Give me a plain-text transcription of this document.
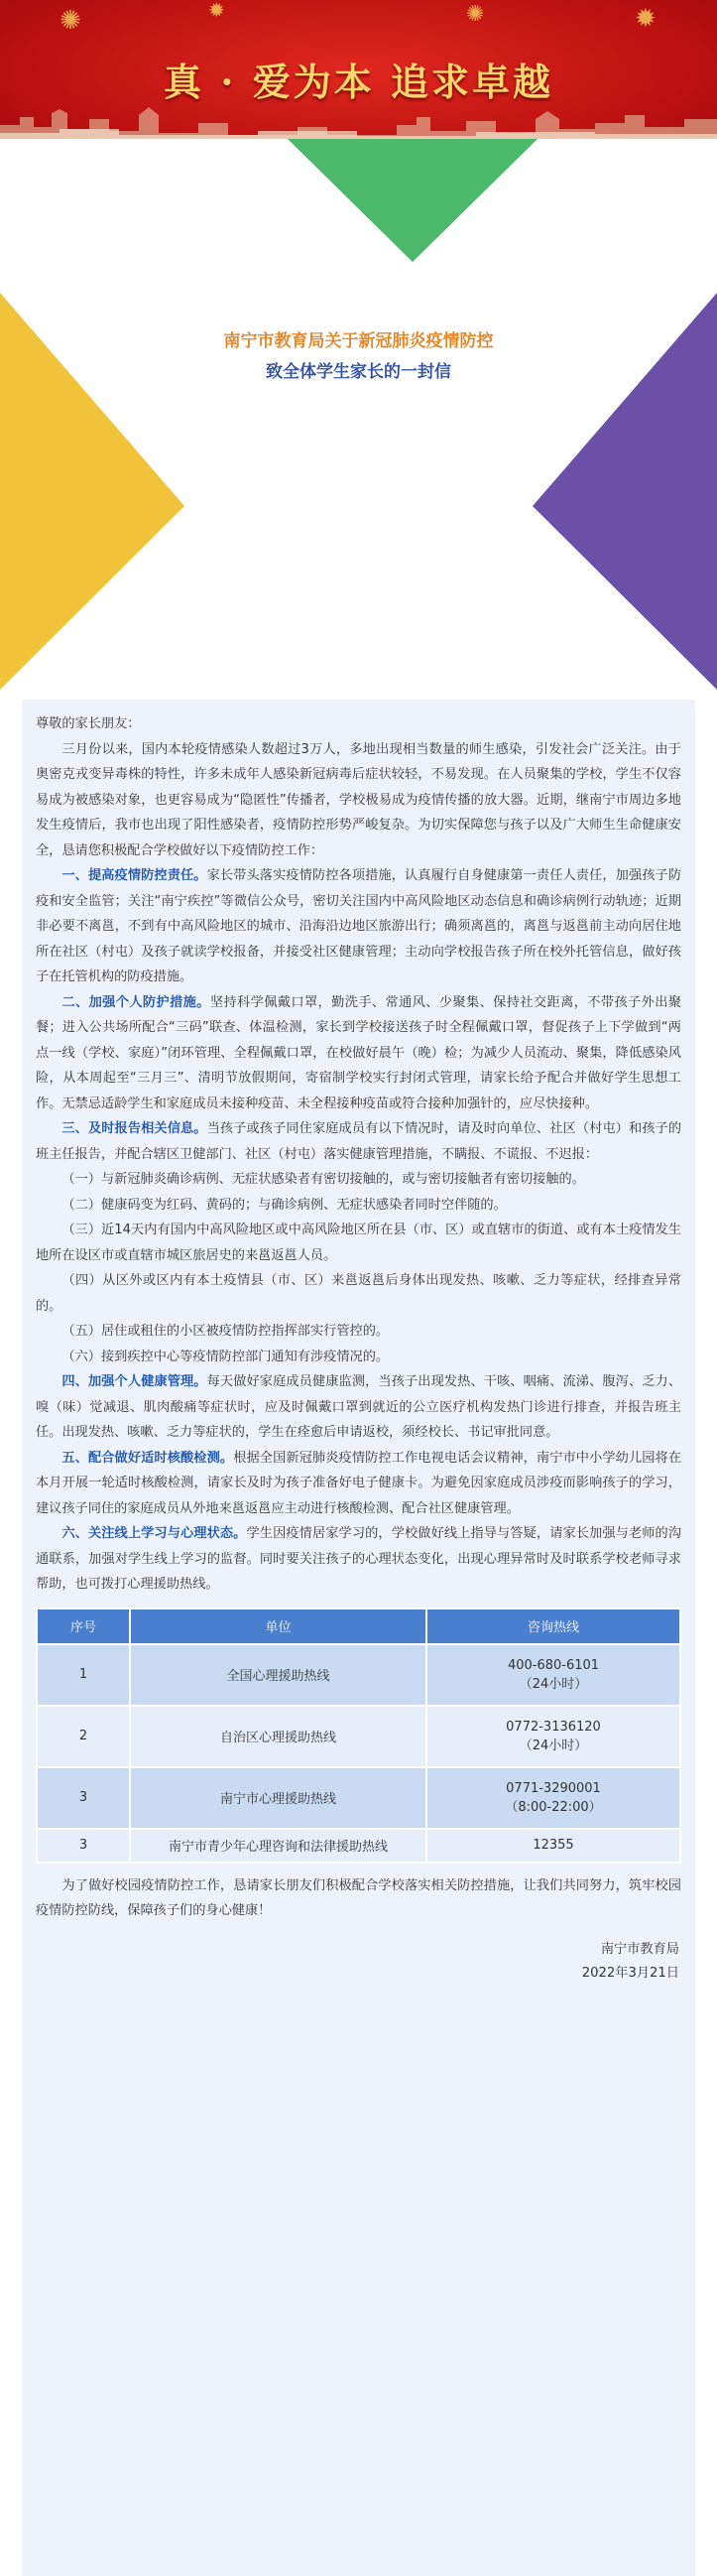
✺	✹	✺	✹
真 · 爱为本 追求卓越
南宁市教育局关于新冠肺炎疫情防控
致全体学生家长的一封信

尊敬的家长朋友：

三月份以来，国内本轮疫情感染人数超过3万人，多地出现相当数量的师生感染，引发社会广泛关注。由于奥密克戎变异毒株的特性，许多未成年人感染新冠病毒后症状较轻，不易发现。在人员聚集的学校，学生不仅容易成为被感染对象，也更容易成为“隐匿性”传播者，学校极易成为疫情传播的放大器。近期，继南宁市周边多地发生疫情后，我市也出现了阳性感染者，疫情防控形势严峻复杂。为切实保障您与孩子以及广大师生生命健康安全，恳请您积极配合学校做好以下疫情防控工作：

一、提高疫情防控责任。家长带头落实疫情防控各项措施，认真履行自身健康第一责任人责任，加强孩子防疫和安全监管；关注“南宁疾控”等微信公众号，密切关注国内中高风险地区动态信息和确诊病例行动轨迹；近期非必要不离邕，不到有中高风险地区的城市、沿海沿边地区旅游出行；确须离邕的，离邕与返邕前主动向居住地所在社区（村屯）及孩子就读学校报备，并接受社区健康管理；主动向学校报告孩子所在校外托管信息，做好孩子在托管机构的防疫措施。

二、加强个人防护措施。坚持科学佩戴口罩，勤洗手、常通风、少聚集、保持社交距离，不带孩子外出聚餐；进入公共场所配合“三码”联查、体温检测，家长到学校接送孩子时全程佩戴口罩，督促孩子上下学做到“两点一线（学校、家庭）”闭环管理、全程佩戴口罩，在校做好晨午（晚）检；为减少人员流动、聚集，降低感染风险，从本周起至“三月三”、清明节放假期间，寄宿制学校实行封闭式管理，请家长给予配合并做好学生思想工作。无禁忌适龄学生和家庭成员未接种疫苗、未全程接种疫苗或符合接种加强针的，应尽快接种。

三、及时报告相关信息。当孩子或孩子同住家庭成员有以下情况时，请及时向单位、社区（村屯）和孩子的班主任报告，并配合辖区卫健部门、社区（村屯）落实健康管理措施，不瞒报、不谎报、不迟报：

（一）与新冠肺炎确诊病例、无症状感染者有密切接触的，或与密切接触者有密切接触的。

（二）健康码变为红码、黄码的；与确诊病例、无症状感染者同时空伴随的。

（三）近14天内有国内中高风险地区或中高风险地区所在县（市、区）或直辖市的街道、或有本土疫情发生地所在设区市或直辖市城区旅居史的来邕返邕人员。

（四）从区外或区内有本土疫情县（市、区）来邕返邕后身体出现发热、咳嗽、乏力等症状，经排查异常的。

（五）居住或租住的小区被疫情防控指挥部实行管控的。

（六）接到疾控中心等疫情防控部门通知有涉疫情况的。

四、加强个人健康管理。每天做好家庭成员健康监测，当孩子出现发热、干咳、咽痛、流涕、腹泻、乏力、嗅（味）觉减退、肌肉酸痛等症状时，应及时佩戴口罩到就近的公立医疗机构发热门诊进行排查，并报告班主任。出现发热、咳嗽、乏力等症状的，学生在痊愈后申请返校，须经校长、书记审批同意。

五、配合做好适时核酸检测。根据全国新冠肺炎疫情防控工作电视电话会议精神，南宁市中小学幼儿园将在本月开展一轮适时核酸检测，请家长及时为孩子准备好电子健康卡。为避免因家庭成员涉疫而影响孩子的学习，建议孩子同住的家庭成员从外地来邕返邕应主动进行核酸检测、配合社区健康管理。

六、关注线上学习与心理状态。学生因疫情居家学习的，学校做好线上指导与答疑，请家长加强与老师的沟通联系，加强对学生线上学习的监督。同时要关注孩子的心理状态变化，出现心理异常时及时联系学校老师寻求帮助，也可拨打心理援助热线。

序号	单位	咨询热线
1	全国心理援助热线	400-680-6101
（24小时）

2	自治区心理援助热线	0772-3136120
（24小时）

3	南宁市心理援助热线	0771-3290001
（8:00-22:00）

3	南宁市青少年心理咨询和法律援助热线	12355

为了做好校园疫情防控工作，恳请家长朋友们积极配合学校落实相关防控措施，让我们共同努力，筑牢校园疫情防控防线，保障孩子们的身心健康！

南宁市教育局
2022年3月21日
